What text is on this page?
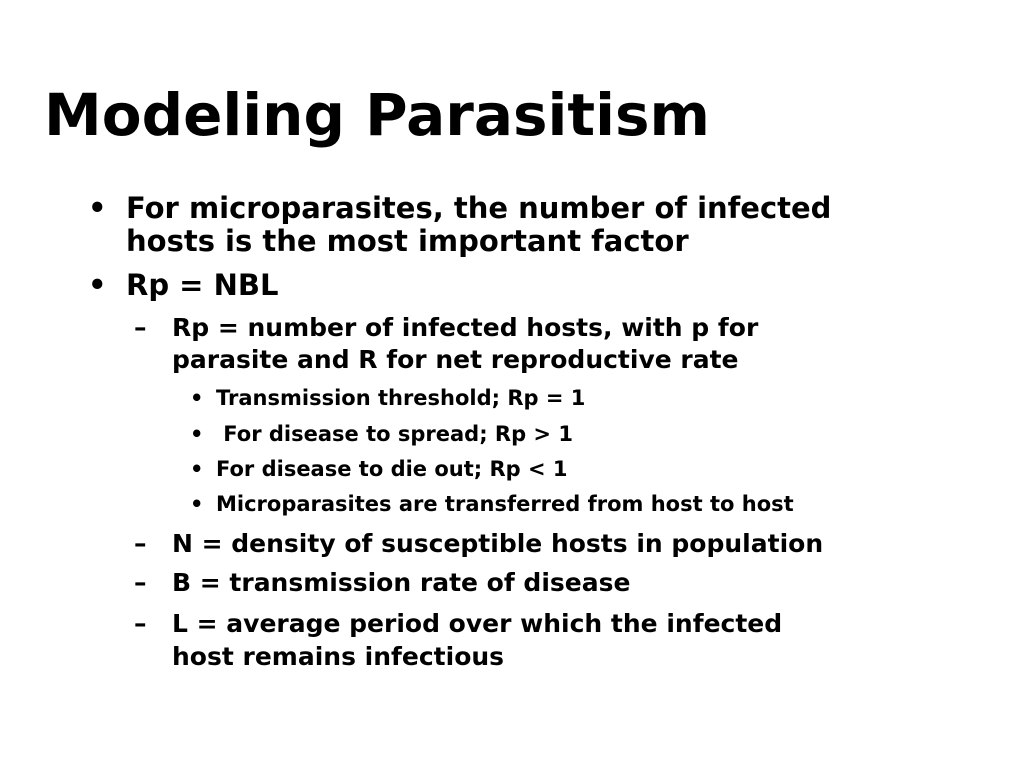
Modeling Parasitism
• For microparasites, the number of infected
hosts is the most important factor
• Rp = NBL
– Rp = number of infected hosts, with p for
parasite and R for net reproductive rate
• Transmission threshold; Rp = 1
• For disease to spread; Rp > 1
• For disease to die out; Rp < 1
• Microparasites are transferred from host to host
– N = density of susceptible hosts in population
– B = transmission rate of disease
– L = average period over which the infected
host remains infectious
